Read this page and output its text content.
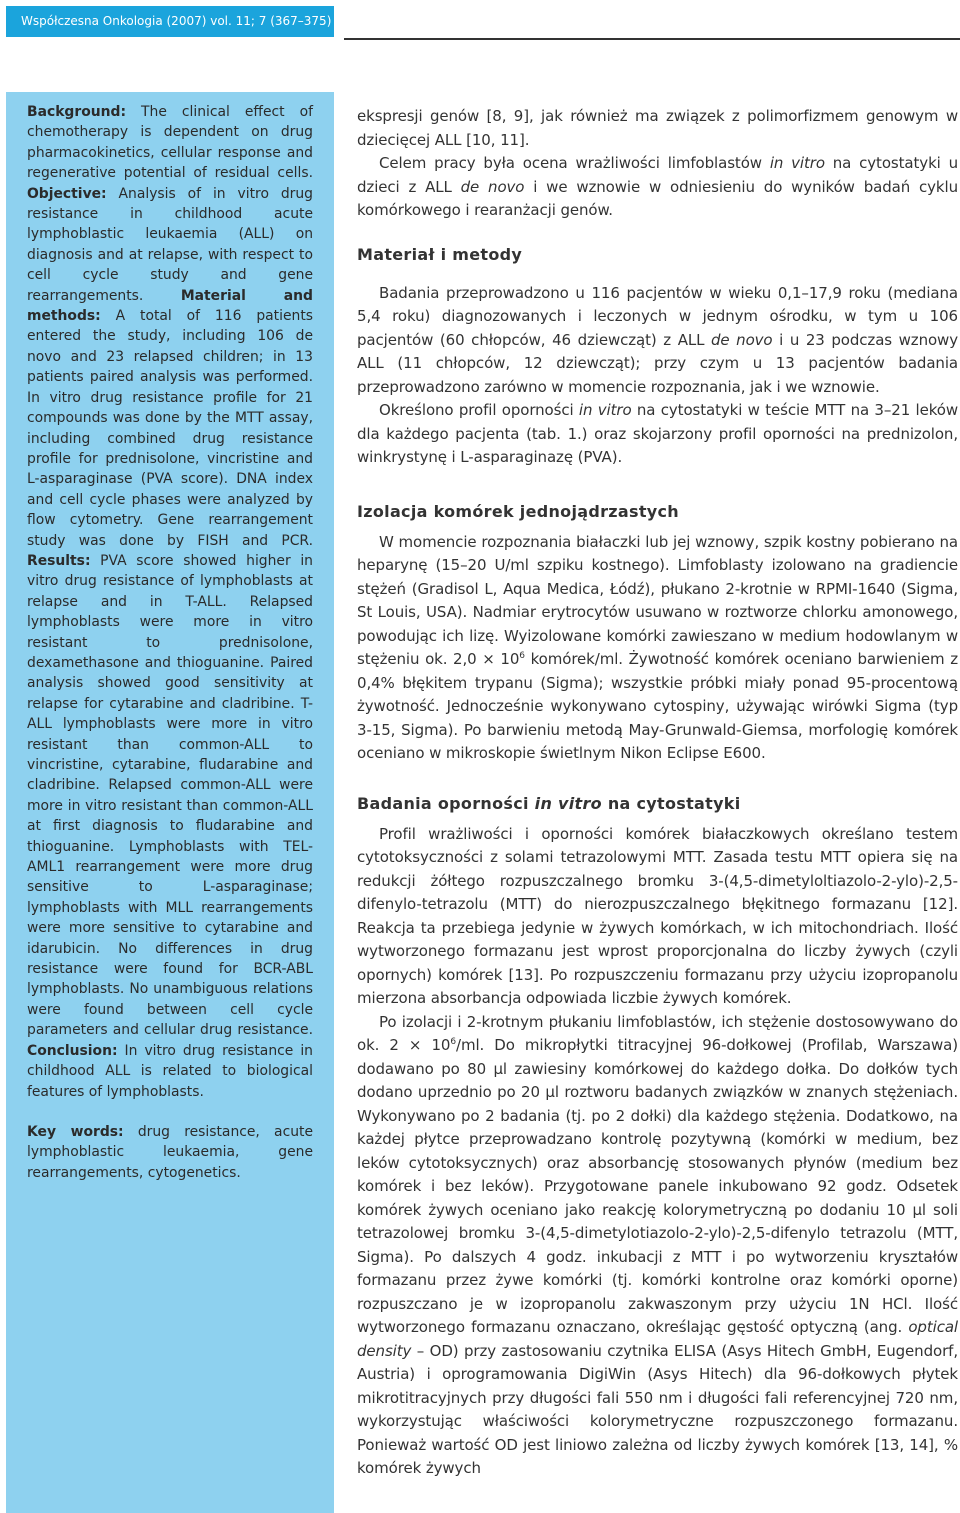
Współczesna Onkologia (2007) vol. 11; 7 (367–375)

Background: The clinical effect of chemotherapy is dependent on drug pharmacokinetics, cellular response and regenerative potential of residual cells. Objective: Analysis of in vitro drug resistance in childhood acute lymphoblastic leukaemia (ALL) on diagnosis and at relapse, with respect to cell cycle study and gene rearrangements.	Material and methods: A total of 116 patients entered the study, including 106 de novo and 23 relapsed children; in 13 patients paired analysis was performed. In vitro drug resistance profile for 21 compounds was done by the MTT assay, including combined drug resistance profile for prednisolone, vincristine and L-asparaginase (PVA score). DNA index and cell cycle phases were analyzed by flow cytometry. Gene rearrangement study was done by FISH and PCR. Results: PVA score showed higher in vitro drug resistance of lymphoblasts at relapse and in T-ALL. Relapsed lymphoblasts were more in vitro resistant to prednisolone, dexamethasone and thioguanine. Paired analysis showed good sensitivity at relapse for cytarabine and cladribine. T-ALL lymphoblasts were more in vitro resistant than common-ALL to vincristine, cytarabine, fludarabine and cladribine. Relapsed common-ALL were more in vitro resistant than common-ALL at first diagnosis to fludarabine and thioguanine. Lymphoblasts with TEL-AML1 rearrangement were more drug sensitive to L-asparaginase; lymphoblasts with MLL rearrangements were more sensitive to cytarabine and idarubicin. No differences in drug resistance were found for BCR-ABL lymphoblasts. No unambiguous relations were found between cell cycle parameters and cellular drug resistance. Conclusion: In vitro drug resistance in childhood ALL is related to biological features of lymphoblasts.

Key words: drug resistance, acute lymphoblastic leukaemia, gene rearrangements, cytogenetics.

ekspresji genów [8, 9], jak również ma związek z polimorfizmem genowym w dziecięcej ALL [10, 11].

Celem pracy była ocena wrażliwości limfoblastów in vitro na cytostatyki u dzieci z ALL de novo i we wznowie w odniesieniu do wyników badań cyklu komórkowego i rearanżacji genów.

Materiał i metody

Badania przeprowadzono u 116 pacjentów w wieku 0,1–17,9 roku (mediana 5,4 roku) diagnozowanych i leczonych w jednym ośrodku, w tym u 106 pacjentów (60 chłopców, 46 dziewcząt) z ALL de novo i u 23 podczas wznowy ALL (11 chłopców, 12 dziewcząt); przy czym u 13 pacjentów badania przeprowadzono zarówno w momencie rozpoznania, jak i we wznowie.

Określono profil oporności in vitro na cytostatyki w teście MTT na 3–21 leków dla każdego pacjenta (tab. 1.) oraz skojarzony profil oporności na prednizolon, winkrystynę i L-asparaginazę (PVA).

Izolacja komórek jednojądrzastych

W momencie rozpoznania białaczki lub jej wznowy, szpik kostny pobierano na heparynę (15–20 U/ml szpiku kostnego). Limfoblasty izolowano na gradiencie stężeń (Gradisol L, Aqua Medica, Łódź), płukano 2-krotnie w RPMI-1640 (Sigma, St Louis, USA). Nadmiar erytrocytów usuwano w roztworze chlorku amonowego, powodując ich lizę. Wyizolowane komórki zawieszano w medium hodowlanym w stężeniu ok. $2,0 \times 10^6$ komórek/ml. Żywotność komórek oceniano barwieniem z 0,4% błękitem trypanu (Sigma); wszystkie próbki miały ponad 95-procentową żywotność. Jednocześnie wykonywano cytospiny, używając wirówki Sigma (typ 3-15, Sigma). Po barwieniu metodą May-Grunwald-Giemsa, morfologię komórek oceniano w mikroskopie świetlnym Nikon Eclipse E600.

Badania oporności in vitro na cytostatyki

Profil wrażliwości i oporności komórek białaczkowych określano testem cytotoksyczności z solami tetrazolowymi MTT. Zasada testu MTT opiera się na redukcji żółtego rozpuszczalnego bromku 3-(4,5-dimetyloltiazolo-2-ylo)-2,5-difenylo-tetrazolu (MTT) do nierozpuszczalnego błękitnego formazanu [12]. Reakcja ta przebiega jedynie w żywych komórkach, w ich mitochondriach. Ilość wytworzonego formazanu jest wprost proporcjonalna do liczby żywych (czyli opornych) komórek [13]. Po rozpuszczeniu formazanu przy użyciu izopropanolu mierzona absorbancja odpowiada liczbie żywych komórek.

Po izolacji i 2-krotnym płukaniu limfoblastów, ich stężenie dostosowywano do ok. $2 \times 10^6/ml$. Do mikropłytki titracyjnej 96-dołkowej (Profilab, Warszawa) dodawano po 80 μl zawiesiny komórkowej do każdego dołka. Do dołków tych dodano uprzednio po 20 μl roztworu badanych związków w znanych stężeniach. Wykonywano po 2 badania (tj. po 2 dołki) dla każdego stężenia. Dodatkowo, na każdej płytce przeprowadzano kontrolę pozytywną (komórki w medium, bez leków cytotoksycznych) oraz absorbancję stosowanych płynów (medium bez komórek i bez leków). Przygotowane panele inkubowano 92 godz. Odsetek komórek żywych oceniano jako reakcję kolorymetryczną po dodaniu 10 μl soli tetrazolowej bromku 3-(4,5-dimetylotiazolo-2-ylo)-2,5-difenylo tetrazolu (MTT, Sigma). Po dalszych 4 godz. inkubacji z MTT i po wytworzeniu kryształów formazanu przez żywe komórki (tj. komórki kontrolne oraz komórki oporne) rozpuszczano je w izopropanolu zakwaszonym przy użyciu 1N HCl. Ilość wytworzonego formazanu oznaczano, określając gęstość optyczną (ang. optical density – OD) przy zastosowaniu czytnika ELISA (Asys Hitech GmbH, Eugendorf, Austria) i oprogramowania DigiWin (Asys Hitech) dla 96-dołkowych płytek mikrotitracyjnych przy długości fali 550 nm i długości fali referencyjnej 720 nm, wykorzystując właściwości kolorymetryczne rozpuszczonego formazanu. Ponieważ wartość OD jest liniowo zależna od liczby żywych komórek [13, 14], % komórek żywych
